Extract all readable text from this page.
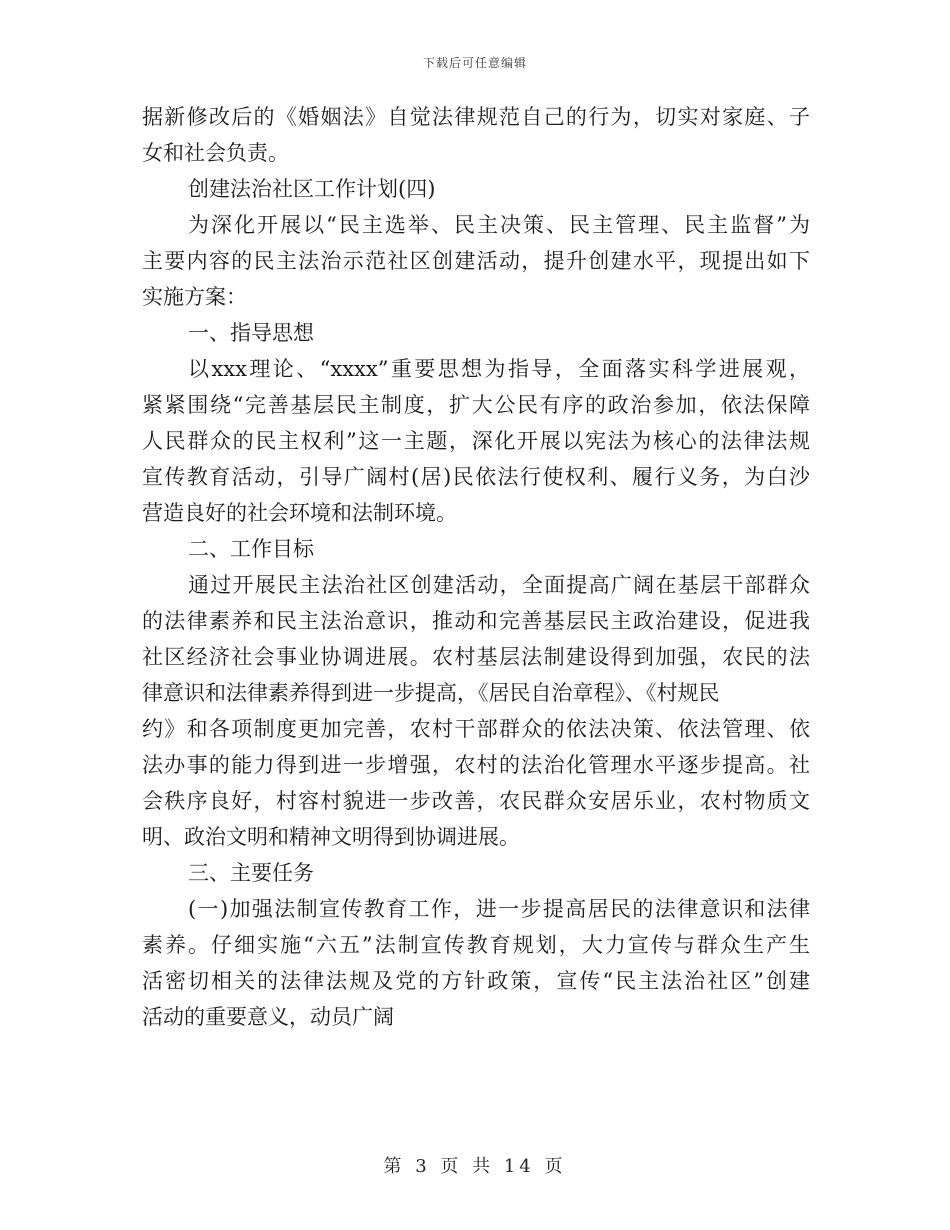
下载后可任意编辑
据新修改后的《婚姻法》自觉法律规范自己的行为，切实对家庭、子
女和社会负责。
创建法治社区工作计划(四)
为深化开展以“民主选举、民主决策、民主管理、民主监督”为
主要内容的民主法治示范社区创建活动，提升创建水平，现提出如下
实施方案：
一、指导思想
以xxx理论、“xxxx”重要思想为指导，全面落实科学进展观，
紧紧围绕“完善基层民主制度，扩大公民有序的政治参加，依法保障
人民群众的民主权利”这一主题，深化开展以宪法为核心的法律法规
宣传教育活动，引导广阔村(居)民依法行使权利、履行义务，为白沙
营造良好的社会环境和法制环境。
二、工作目标
通过开展民主法治社区创建活动，全面提高广阔在基层干部群众
的法律素养和民主法治意识，推动和完善基层民主政治建设，促进我
社区经济社会事业协调进展。农村基层法制建设得到加强，农民的法
律意识和法律素养得到进一步提高，《居民自治章程》、《村规民
约》和各项制度更加完善，农村干部群众的依法决策、依法管理、依
法办事的能力得到进一步增强，农村的法治化管理水平逐步提高。社
会秩序良好，村容村貌进一步改善，农民群众安居乐业，农村物质文
明、政治文明和精神文明得到协调进展。
三、主要任务
(一)加强法制宣传教育工作，进一步提高居民的法律意识和法律
素养。仔细实施“六五”法制宣传教育规划，大力宣传与群众生产生
活密切相关的法律法规及党的方针政策，宣传“民主法治社区”创建
活动的重要意义，动员广阔
第 3 页 共 14 页
